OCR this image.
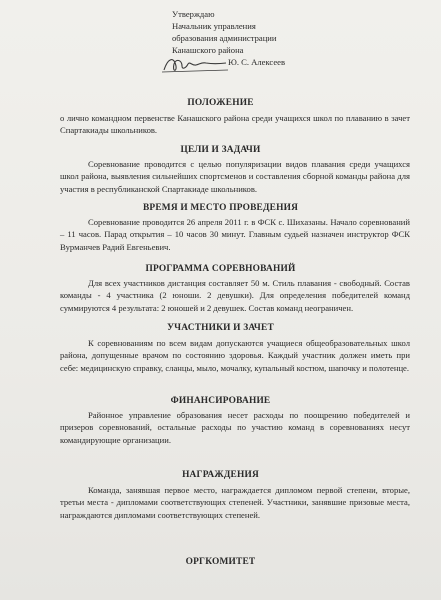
Утверждаю
Начальник управления
образования администрации
Канашского района
Ю. С. Алексеев
ПОЛОЖЕНИЕ
о лично командном первенстве Канашского района среди учащихся школ по плаванию в зачет Спартакиады школьников.
ЦЕЛИ И ЗАДАЧИ
Соревнование проводится с целью популяризации видов плавания среди учащихся школ района, выявления сильнейших спортсменов и составления сборной команды района для участия в республиканской Спартакиаде школьников.
ВРЕМЯ И МЕСТО ПРОВЕДЕНИЯ
Соревнование проводится 26 апреля 2011 г. в ФСК с. Шихазаны. Начало соревнований – 11 часов. Парад открытия – 10 часов 30 минут. Главным судьей назначен инструктор ФСК Вурманчев Радий Евгеньевич.
ПРОГРАММА СОРЕВНОВАНИЙ
Для всех участников дистанция составляет 50 м. Стиль плавания - свободный. Состав команды - 4 участника (2 юноши. 2 девушки). Для определения победителей команд суммируются 4 результата: 2 юношей и 2 девушек. Состав команд неограничен.
УЧАСТНИКИ И ЗАЧЕТ
К соревнованиям по всем видам допускаются учащиеся общеобразовательных школ района, допущенные врачом по состоянию здоровья. Каждый участник должен иметь при себе: медицинскую справку, сланцы, мыло, мочалку, купальный костюм, шапочку и полотенце.
ФИНАНСИРОВАНИЕ
Районное управление образования несет расходы по поощрению победителей и призеров соревнований, остальные расходы по участию команд в соревнованиях несут командирующие организации.
НАГРАЖДЕНИЯ
Команда, занявшая первое место, награждается дипломом первой степени, вторые, третьи места - дипломами соответствующих степеней. Участники, занявшие призовые места, награждаются дипломами соответствующих степеней.
ОРГКОМИТЕТ
